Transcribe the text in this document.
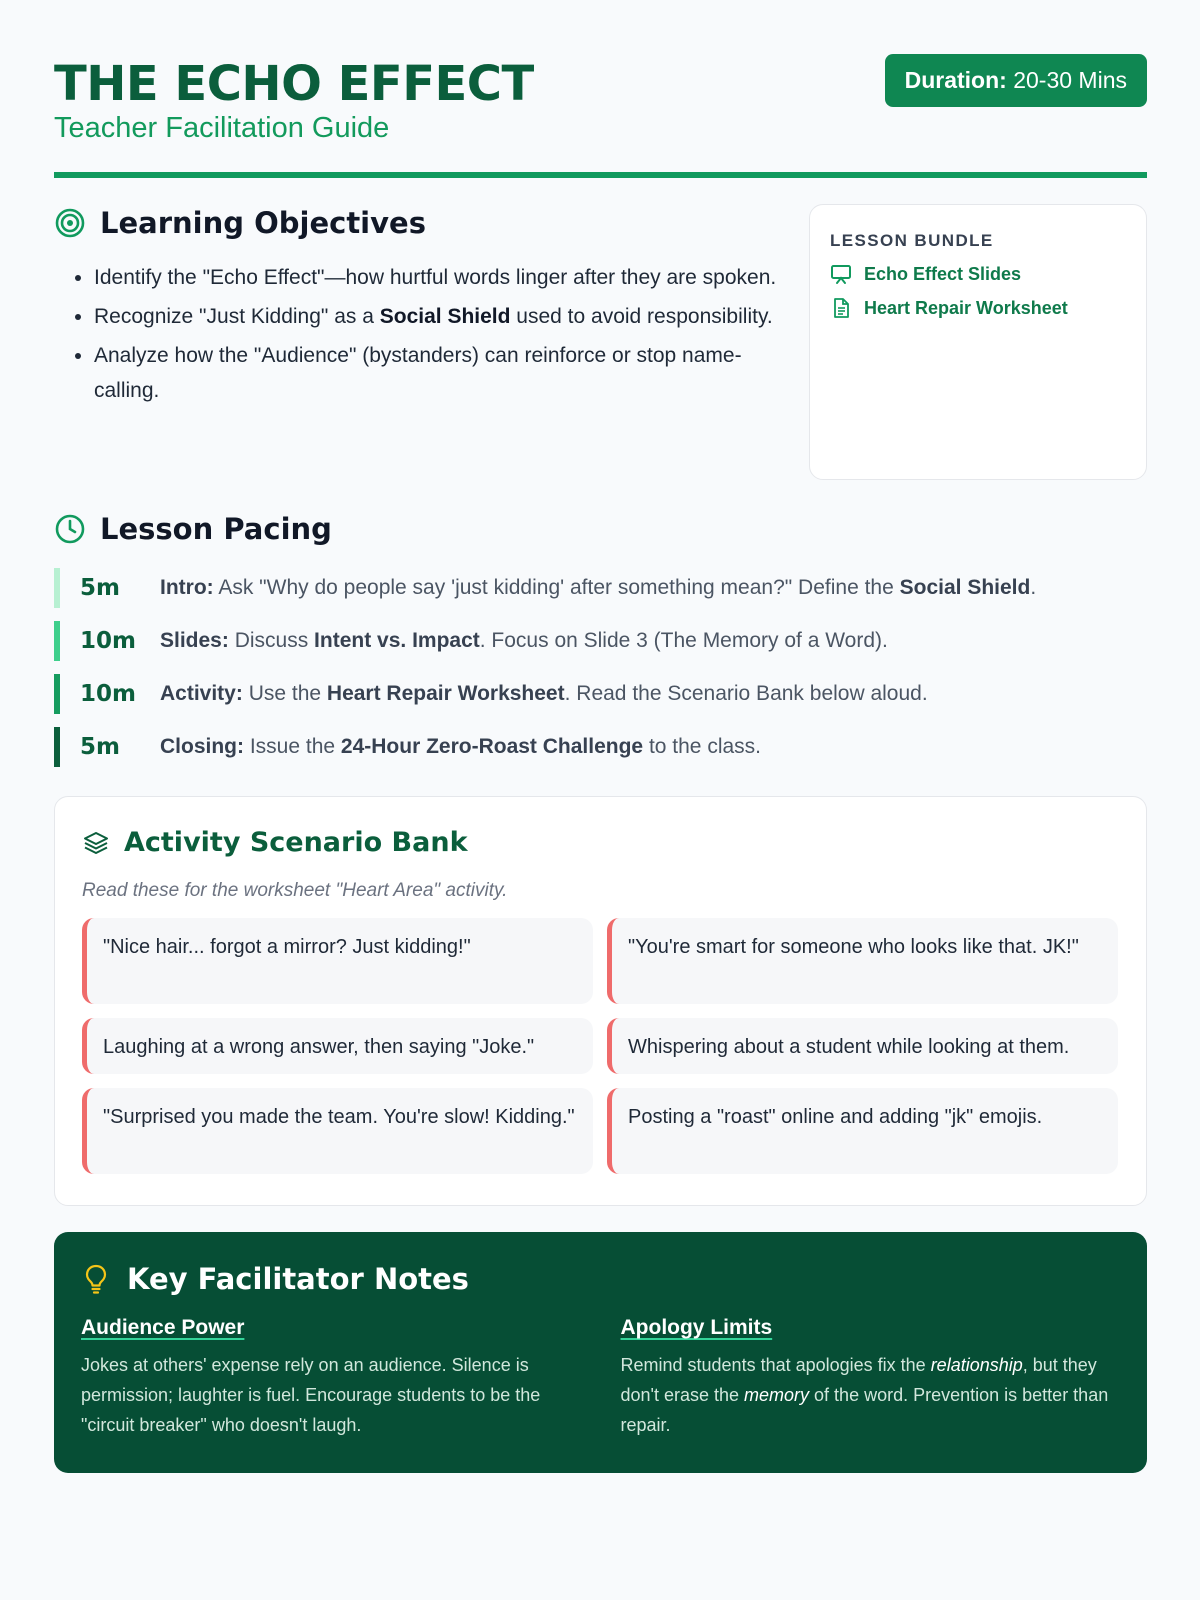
THE ECHO EFFECT
Teacher Facilitation Guide
Duration: 20-30 Mins
Learning Objectives
• Identify the "Echo Effect"—how hurtful words linger after they are spoken.
• Recognize "Just Kidding" as a Social Shield used to avoid responsibility.
• Analyze how the "Audience" (bystanders) can reinforce or stop name-calling.
LESSON BUNDLE
Echo Effect Slides
Heart Repair Worksheet
Lesson Pacing
5m	Intro: Ask "Why do people say 'just kidding' after something mean?" Define the Social Shield.
10m	Slides: Discuss Intent vs. Impact. Focus on Slide 3 (The Memory of a Word).
10m	Activity: Use the Heart Repair Worksheet. Read the Scenario Bank below aloud.
5m	Closing: Issue the 24-Hour Zero-Roast Challenge to the class.
Activity Scenario Bank
Read these for the worksheet "Heart Area" activity.
"Nice hair... forgot a mirror? Just kidding!"	"You're smart for someone who looks like that. JK!"
Laughing at a wrong answer, then saying "Joke."	Whispering about a student while looking at them.
"Surprised you made the team. You're slow! Kidding."	Posting a "roast" online and adding "jk" emojis.
Key Facilitator Notes
Audience Power
Jokes at others' expense rely on an audience. Silence is permission; laughter is fuel. Encourage students to be the "circuit breaker" who doesn't laugh.
Apology Limits
Remind students that apologies fix the relationship, but they don't erase the memory of the word. Prevention is better than repair.
